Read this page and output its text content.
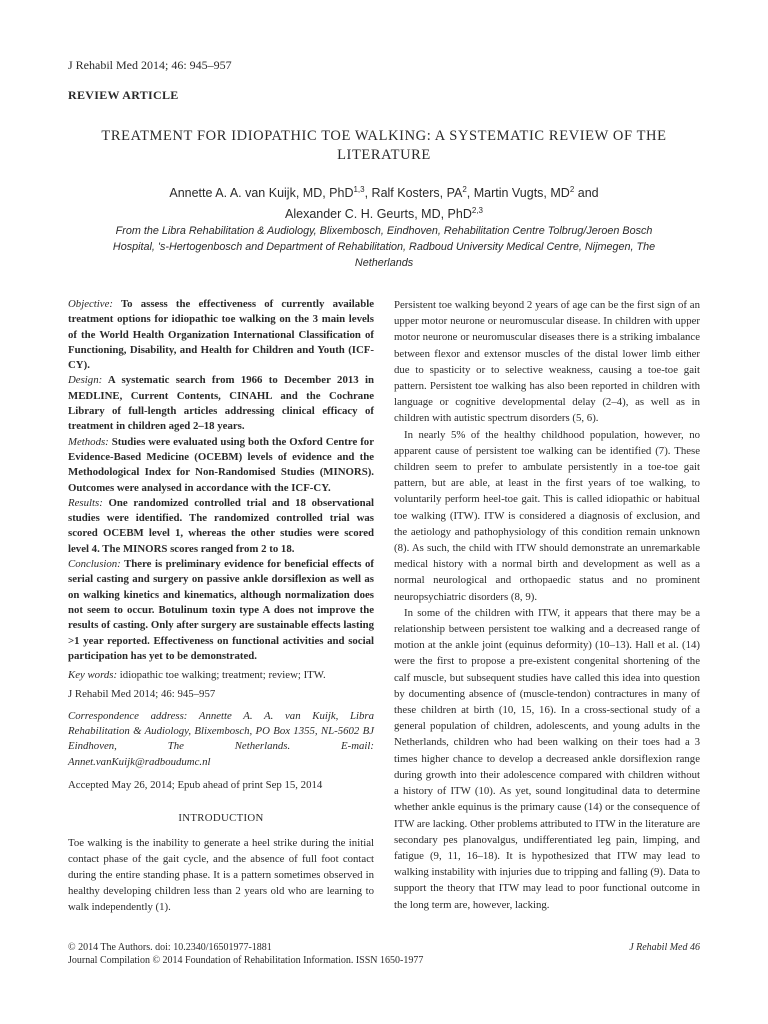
J Rehabil Med 2014; 46: 945–957
REVIEW ARTICLE
TREATMENT FOR IDIOPATHIC TOE WALKING: A SYSTEMATIC REVIEW OF THE LITERATURE
Annette A. A. van Kuijk, MD, PhD$^{1,3}$, Ralf Kosters, $PA^2$, Martin Vugts, $MD^2$ and
Alexander C. H. Geurts, MD, PhD$^{2,3}$
From the Libra Rehabilitation & Audiology, Blixembosch, Eindhoven, Rehabilitation Centre Tolbrug/Jeroen Bosch Hospital, 's-Hertogenbosch and Department of Rehabilitation, Radboud University Medical Centre, Nijmegen, The Netherlands
Objective: To assess the effectiveness of currently available treatment options for idiopathic toe walking on the 3 main levels of the World Health Organization International Classification of Functioning, Disability, and Health for Children and Youth (ICF-CY).
Design: A systematic search from 1966 to December 2013 in MEDLINE, Current Contents, CINAHL and the Cochrane Library of full-length articles addressing clinical efficacy of treatment in children aged 2–18 years.
Methods: Studies were evaluated using both the Oxford Centre for Evidence-Based Medicine (OCEBM) levels of evidence and the Methodological Index for Non-Randomised Studies (MINORS). Outcomes were analysed in accordance with the ICF-CY.
Results: One randomized controlled trial and 18 observational studies were identified. The randomized controlled trial was scored OCEBM level 1, whereas the other studies were scored level 4. The MINORS scores ranged from 2 to 18.
Conclusion: There is preliminary evidence for beneficial effects of serial casting and surgery on passive ankle dorsiflexion as well as on walking kinetics and kinematics, although normalization does not seem to occur. Botulinum toxin type A does not improve the results of casting. Only after surgery are sustainable effects lasting >1 year reported. Effectiveness on functional activities and social participation has yet to be demonstrated.
Key words: idiopathic toe walking; treatment; review; ITW.
J Rehabil Med 2014; 46: 945–957
Correspondence address: Annette A. A. van Kuijk, Libra Rehabilitation & Audiology, Blixembosch, PO Box 1355, NL-5602 BJ Eindhoven, The Netherlands. E-mail: Annet.vanKuijk@radboudumc.nl
Accepted May 26, 2014; Epub ahead of print Sep 15, 2014
INTRODUCTION
Toe walking is the inability to generate a heel strike during the initial contact phase of the gait cycle, and the absence of full foot contact during the entire standing phase. It is a pattern sometimes observed in healthy developing children less than 2 years old who are learning to walk independently (1).
Persistent toe walking beyond 2 years of age can be the first sign of an upper motor neurone or neuromuscular disease. In children with upper motor neurone or neuromuscular diseases there is a striking imbalance between flexor and extensor muscles of the distal lower limb either due to spasticity or to selective weakness, causing a toe-toe gait pattern. Persistent toe walking has also been reported in children with language or cognitive developmental delay (2–4), as well as in children with autistic spectrum disorders (5, 6).
In nearly 5% of the healthy childhood population, however, no apparent cause of persistent toe walking can be identified (7). These children seem to prefer to ambulate persistently in a toe-toe gait pattern, but are able, at least in the first years of toe walking, to voluntarily perform heel-toe gait. This is called idiopathic or habitual toe walking (ITW). ITW is considered a diagnosis of exclusion, and the aetiology and pathophysiology of this condition remain unknown (8). As such, the child with ITW should demonstrate an unremarkable medical history with a normal birth and development as well as a normal neurological and orthopaedic status and no prominent neuropsychiatric disorders (8, 9).
In some of the children with ITW, it appears that there may be a relationship between persistent toe walking and a decreased range of motion at the ankle joint (equinus deformity) (10–13). Hall et al. (14) were the first to propose a pre-existent congenital shortening of the calf muscle, but subsequent studies have called this idea into question by documenting absence of (muscle-tendon) contractures in many of these children at birth (10, 15, 16). In a cross-sectional study of a general population of children, adolescents, and young adults in the Netherlands, children who had been walking on their toes had a 3 times higher chance to develop a decreased ankle dorsiflexion range during growth into their adolescence compared with children without a history of ITW (10). As yet, sound longitudinal data to determine whether ankle equinus is the primary cause (14) or the consequence of ITW are lacking. Other problems attributed to ITW in the literature are secondary pes planovalgus, undifferentiated leg pain, limping, and fatigue (9, 11, 16–18). It is hypothesized that ITW may lead to walking instability with injuries due to tripping and falling (9). Data to support the theory that ITW may lead to poor functional outcome in the long term are, however, lacking.
© 2014 The Authors. doi: 10.2340/16501977-1881
Journal Compilation © 2014 Foundation of Rehabilitation Information. ISSN 1650-1977
J Rehabil Med 46
